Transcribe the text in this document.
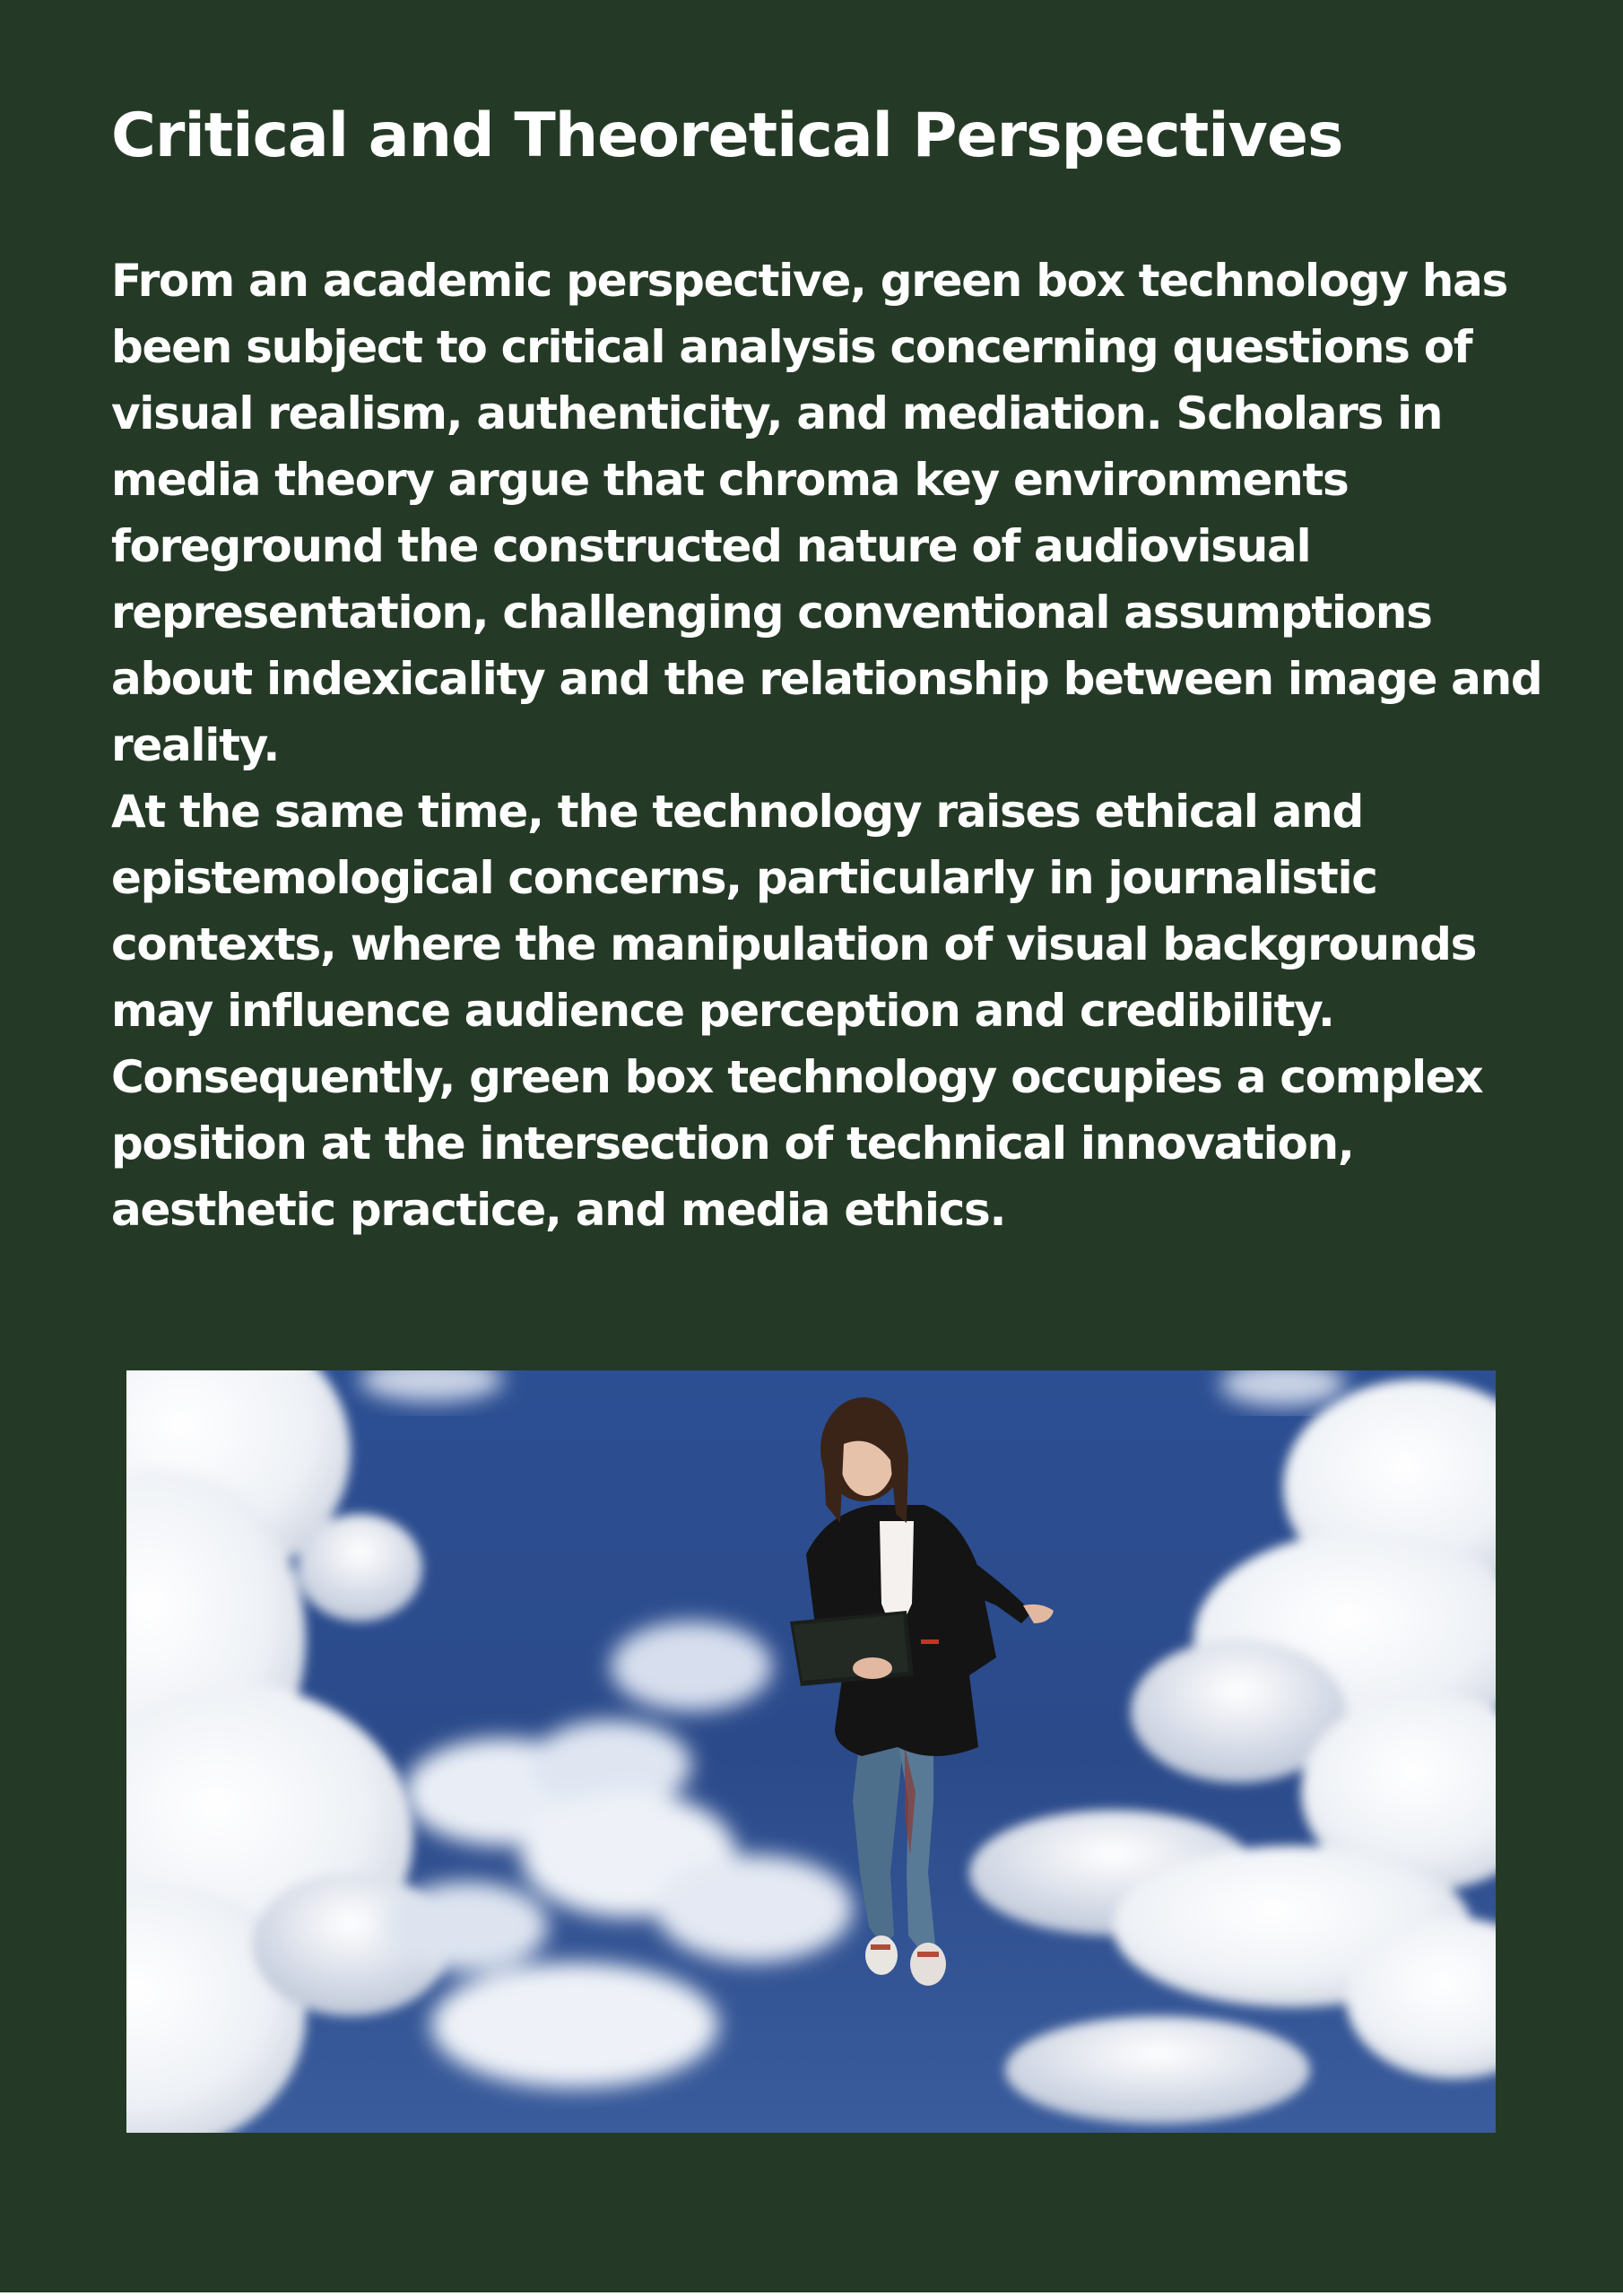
Critical and Theoretical Perspectives

From an academic perspective, green box technology has
been subject to critical analysis concerning questions of
visual realism, authenticity, and mediation. Scholars in
media theory argue that chroma key environments
foreground the constructed nature of audiovisual
representation, challenging conventional assumptions
about indexicality and the relationship between image and
reality.

At the same time, the technology raises ethical and
epistemological concerns, particularly in journalistic
contexts, where the manipulation of visual backgrounds
may influence audience perception and credibility.
Consequently, green box technology occupies a complex
position at the intersection of technical innovation,
aesthetic practice, and media ethics.
